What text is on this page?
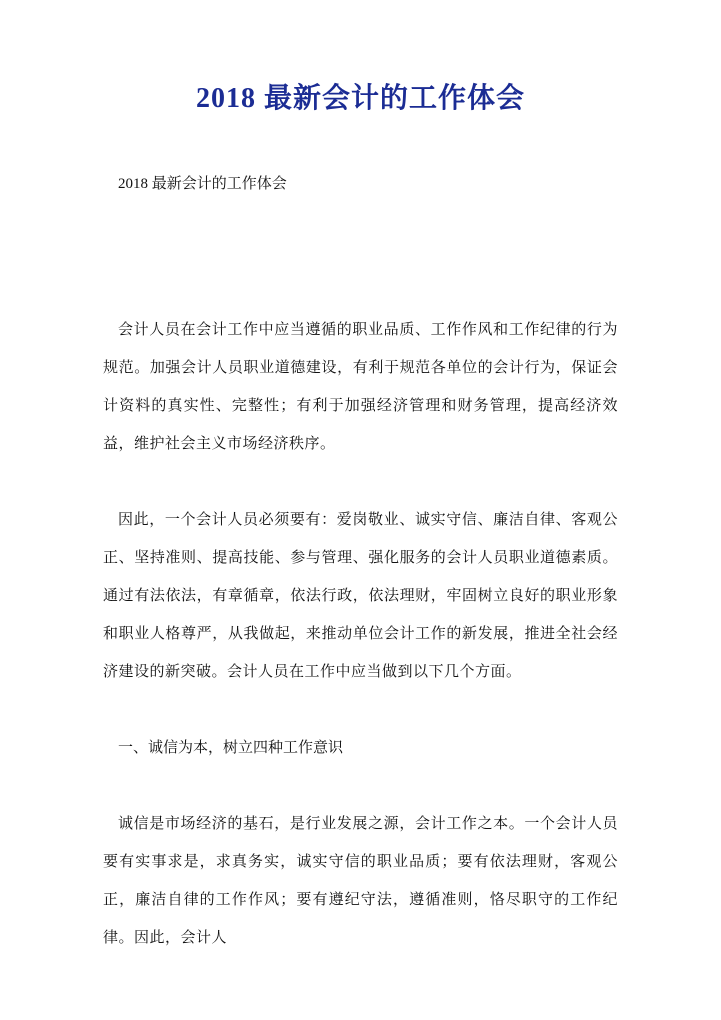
2018 最新会计的工作体会

2018 最新会计的工作体会

会计人员在会计工作中应当遵循的职业品质、工作作风和工作纪律的行为规范。加强会计人员职业道德建设，有利于规范各单位的会计行为，保证会计资料的真实性、完整性；有利于加强经济管理和财务管理，提高经济效益，维护社会主义市场经济秩序。

因此，一个会计人员必须要有：爱岗敬业、诚实守信、廉洁自律、客观公正、坚持准则、提高技能、参与管理、强化服务的会计人员职业道德素质。通过有法依法，有章循章，依法行政，依法理财，牢固树立良好的职业形象和职业人格尊严，从我做起，来推动单位会计工作的新发展，推进全社会经济建设的新突破。会计人员在工作中应当做到以下几个方面。

一、诚信为本，树立四种工作意识

诚信是市场经济的基石，是行业发展之源，会计工作之本。一个会计人员要有实事求是，求真务实，诚实守信的职业品质；要有依法理财，客观公正，廉洁自律的工作作风；要有遵纪守法，遵循准则，恪尽职守的工作纪律。因此，会计人
